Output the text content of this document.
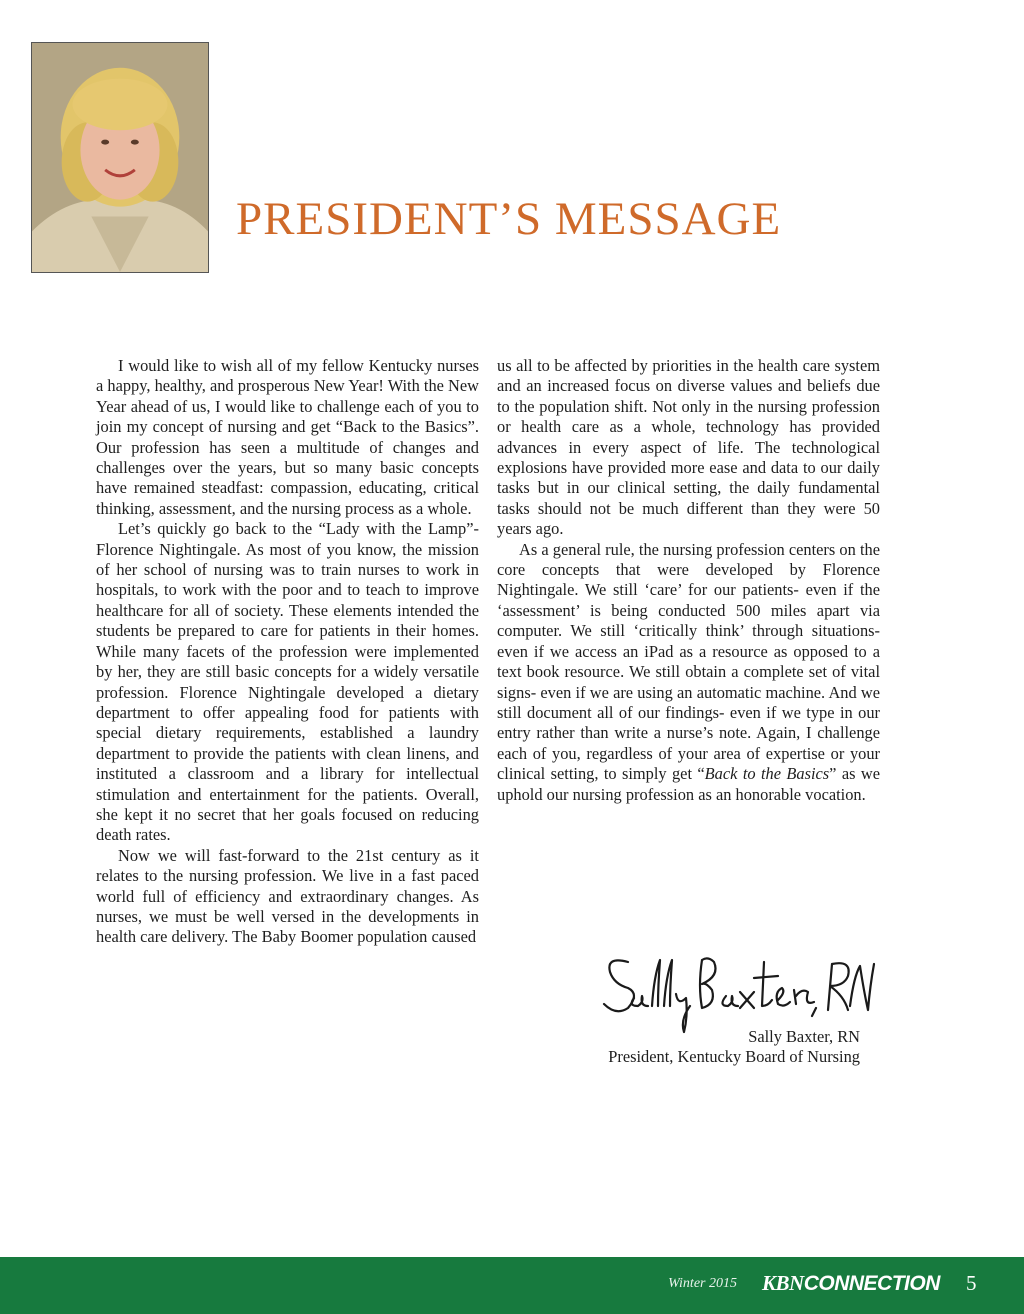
PRESIDENT’S MESSAGE

I would like to wish all of my fellow Kentucky nurses a happy, healthy, and prosperous New Year! With the New Year ahead of us, I would like to challenge each of you to join my concept of nursing and get “Back to the Basics”. Our profession has seen a multitude of changes and challenges over the years, but so many basic concepts have remained steadfast: compassion, educating, critical thinking, assessment, and the nursing process as a whole.

Let’s quickly go back to the “Lady with the Lamp”- Florence Nightingale. As most of you know, the mission of her school of nursing was to train nurses to work in hospitals, to work with the poor and to teach to improve healthcare for all of society. These elements intended the students be prepared to care for patients in their homes. While many facets of the profession were implemented by her, they are still basic concepts for a widely versatile profession. Florence Nightingale developed a dietary department to offer appealing food for patients with special dietary requirements, established a laundry department to provide the patients with clean linens, and instituted a classroom and a library for intellectual stimulation and entertainment for the patients. Overall, she kept it no secret that her goals focused on reducing death rates.

Now we will fast-forward to the 21st century as it relates to the nursing profession. We live in a fast paced world full of efficiency and extraordinary changes. As nurses, we must be well versed in the developments in health care delivery. The Baby Boomer population caused

us all to be affected by priorities in the health care system and an increased focus on diverse values and beliefs due to the population shift. Not only in the nursing profession or health care as a whole, technology has provided advances in every aspect of life. The technological explosions have provided more ease and data to our daily tasks but in our clinical setting, the daily fundamental tasks should not be much different than they were 50 years ago.

As a general rule, the nursing profession centers on the core concepts that were developed by Florence Nightingale. We still ‘care’ for our patients- even if the ‘assessment’ is being conducted 500 miles apart via computer. We still ‘critically think’ through situations- even if we access an iPad as a resource as opposed to a text book resource. We still obtain a complete set of vital signs- even if we are using an automatic machine. And we still document all of our findings- even if we type in our entry rather than write a nurse’s note. Again, I challenge each of you, regardless of your area of expertise or your clinical setting, to simply get “Back to the Basics” as we uphold our nursing profession as an honorable vocation.

Sally Baxter, RN
President, Kentucky Board of Nursing
Winter 2015 KBNCONNECTION 5
